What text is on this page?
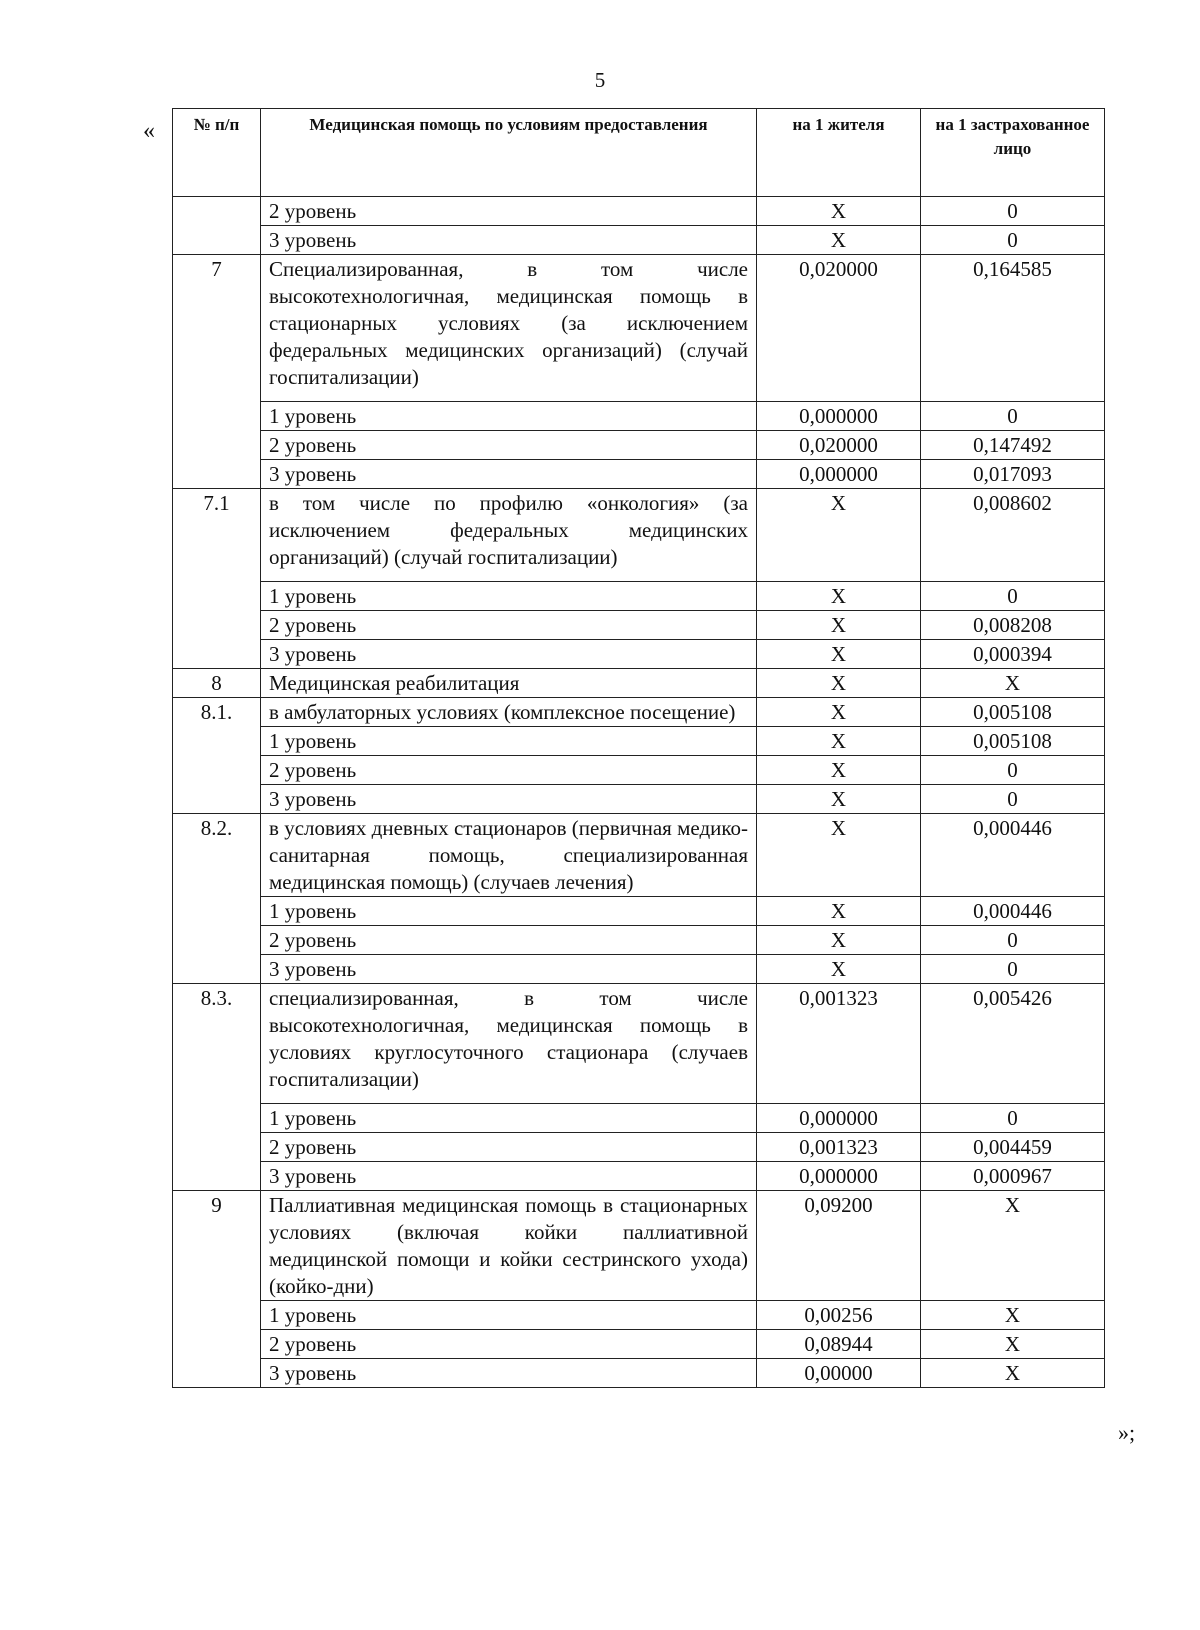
5
«
»;
№ п/п	Медицинская помощь по условиям предоставления	на 1 жителя	на 1 застрахованное лицо
	2 уровень	Х	0
	3 уровень	Х	0
7	Специализированная, в том числе высокотехнологичная, медицинская помощь в стационарных условиях (за исключением федеральных медицинских организаций) (случай госпитализации)	0,020000	0,164585
	1 уровень	0,000000	0
	2 уровень	0,020000	0,147492
	3 уровень	0,000000	0,017093
7.1	в том числе по профилю «онкология» (за исключением федеральных медицинских организаций) (случай госпитализации)	Х	0,008602
	1 уровень	Х	0
	2 уровень	Х	0,008208
	3 уровень	Х	0,000394
8	Медицинская реабилитация	Х	Х
8.1.	в амбулаторных условиях (комплексное посещение)	Х	0,005108
	1 уровень	Х	0,005108
	2 уровень	Х	0
	3 уровень	Х	0
8.2.	в условиях дневных стационаров (первичная медико-санитарная помощь, специализированная медицинская помощь) (случаев лечения)	Х	0,000446
	1 уровень	Х	0,000446
	2 уровень	Х	0
	3 уровень	Х	0
8.3.	специализированная, в том числе высокотехнологичная, медицинская помощь в условиях круглосуточного стационара (случаев госпитализации)	0,001323	0,005426
	1 уровень	0,000000	0
	2 уровень	0,001323	0,004459
	3 уровень	0,000000	0,000967
9	Паллиативная медицинская помощь в стационарных условиях (включая койки паллиативной медицинской помощи и койки сестринского ухода) (койко-дни)	0,09200	Х
	1 уровень	0,00256	Х
	2 уровень	0,08944	Х
	3 уровень	0,00000	Х
